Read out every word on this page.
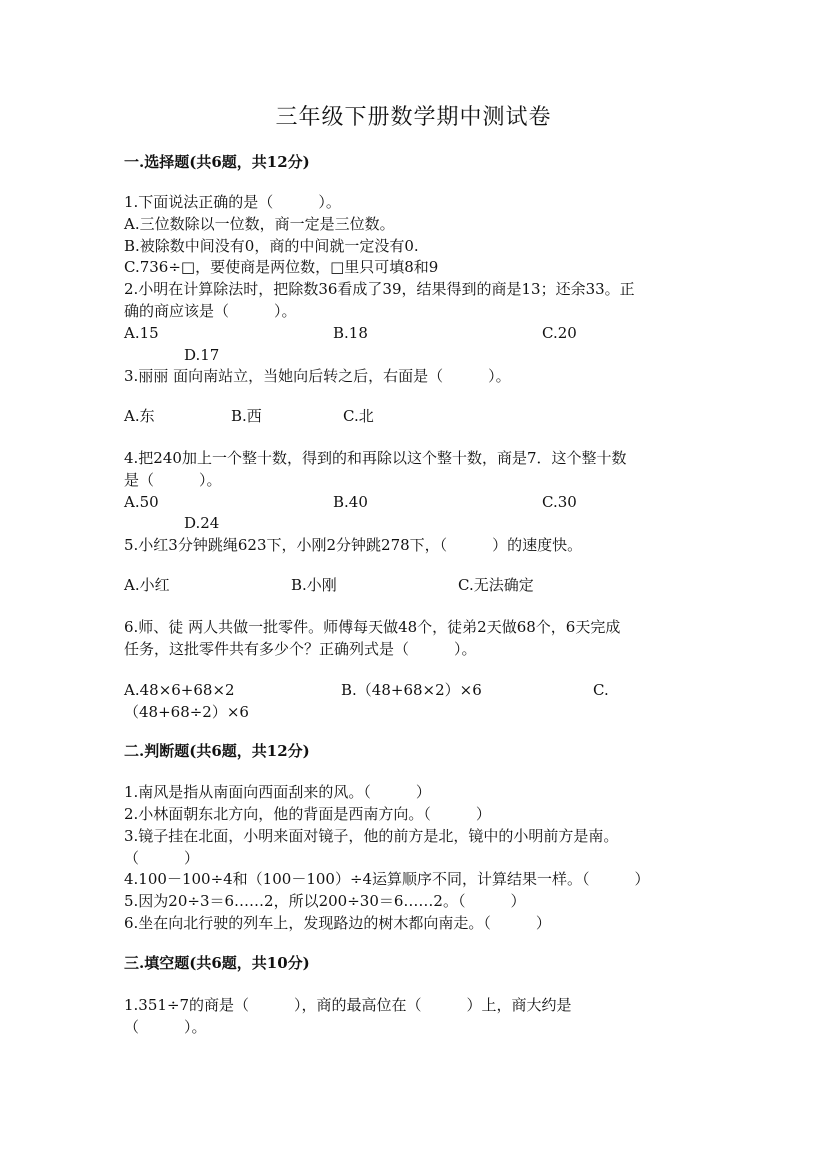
三年级下册数学期中测试卷
一.选择题(共6题，共12分)
1.下面说法正确的是（　　　）。
A.三位数除以一位数，商一定是三位数。
B.被除数中间没有0，商的中间就一定没有0.
C.736÷□，要使商是两位数，□里只可填8和9
2.小明在计算除法时，把除数36看成了39，结果得到的商是13；还余33。正
确的商应该是（　　　）。
A.15	B.18	C.20
D.17
3.丽丽 面向南站立，当她向后转之后，右面是（　　　）。
A.东	B.西	C.北
4.把240加上一个整十数，得到的和再除以这个整十数，商是7．这个整十数
是（　　　）。
A.50	B.40	C.30
D.24
5.小红3分钟跳绳623下，小刚2分钟跳278下，（　　　）的速度快。
A.小红	B.小刚	C.无法确定
6.师、徒 两人共做一批零件。师傅每天做48个，徒弟2天做68个，6天完成
任务，这批零件共有多少个？正确列式是（　　　）。
A.48×6+68×2	B.（48+68×2）×6	C.
（48+68÷2）×6
二.判断题(共6题，共12分)
1.南风是指从南面向西面刮来的风。（　　　）
2.小林面朝东北方向，他的背面是西南方向。（　　　）
3.镜子挂在北面，小明来面对镜子，他的前方是北，镜中的小明前方是南。
（　　　）
4.100－100÷4和（100－100）÷4运算顺序不同，计算结果一样。（　　　）
5.因为20÷3＝6……2，所以200÷30＝6……2。（　　　）
6.坐在向北行驶的列车上，发现路边的树木都向南走。（　　　）
三.填空题(共6题，共10分)
1.351÷7的商是（　　　），商的最高位在（　　　）上，商大约是
（　　　）。
